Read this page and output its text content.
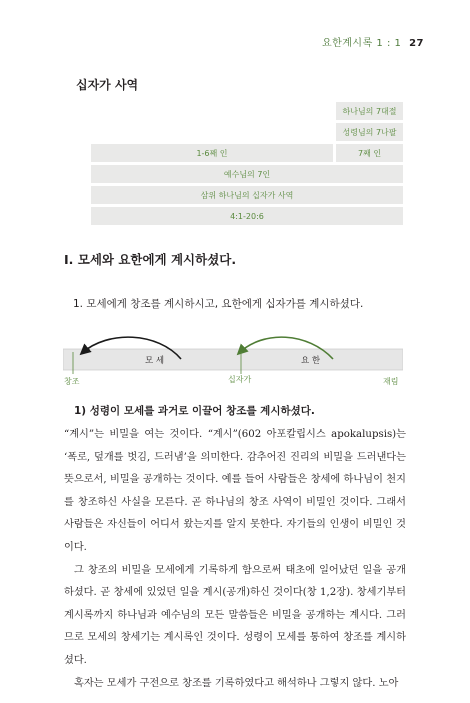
요한계시록 1 : 1 27
십자가 사역
하나님의 7대절
성령님의 7나팔
1-6째 인	7째 인
예수님의 7인
삼위 하나님의 십자가 사역
4:1-20:6
Ⅰ. 모세와 요한에게 계시하셨다.
1. 모세에게 창조를 계시하시고, 요한에게 십자가를 계시하셨다.
모 세	요 한
창조	십자가	재림
1) 성령이 모세를 과거로 이끌어 창조를 계시하셨다.

“계시”는 비밀을 여는 것이다. “계시”(602 아포칼립시스 apokalupsis)는 ‘폭로, 덮개를 벗김, 드러냄’을 의미한다. 감추어진 진리의 비밀을 드러낸다는 뜻으로서, 비밀을 공개하는 것이다. 예를 들어 사람들은 창세에 하나님이 천지를 창조하신 사실을 모른다. 곧 하나님의 창조 사역이 비밀인 것이다. 그래서 사람들은 자신들이 어디서 왔는지를 알지 못한다. 자기들의 인생이 비밀인 것이다.

그 창조의 비밀을 모세에게 기록하게 함으로써 태초에 일어났던 일을 공개하셨다. 곧 창세에 있었던 일을 계시(공개)하신 것이다(창 1,2장). 창세기부터 계시록까지 하나님과 예수님의 모든 말씀들은 비밀을 공개하는 계시다. 그러므로 모세의 창세기는 계시록인 것이다. 성령이 모세를 통하여 창조를 계시하셨다.

혹자는 모세가 구전으로 창조를 기록하였다고 해석하나 그렇지 않다. 노아
